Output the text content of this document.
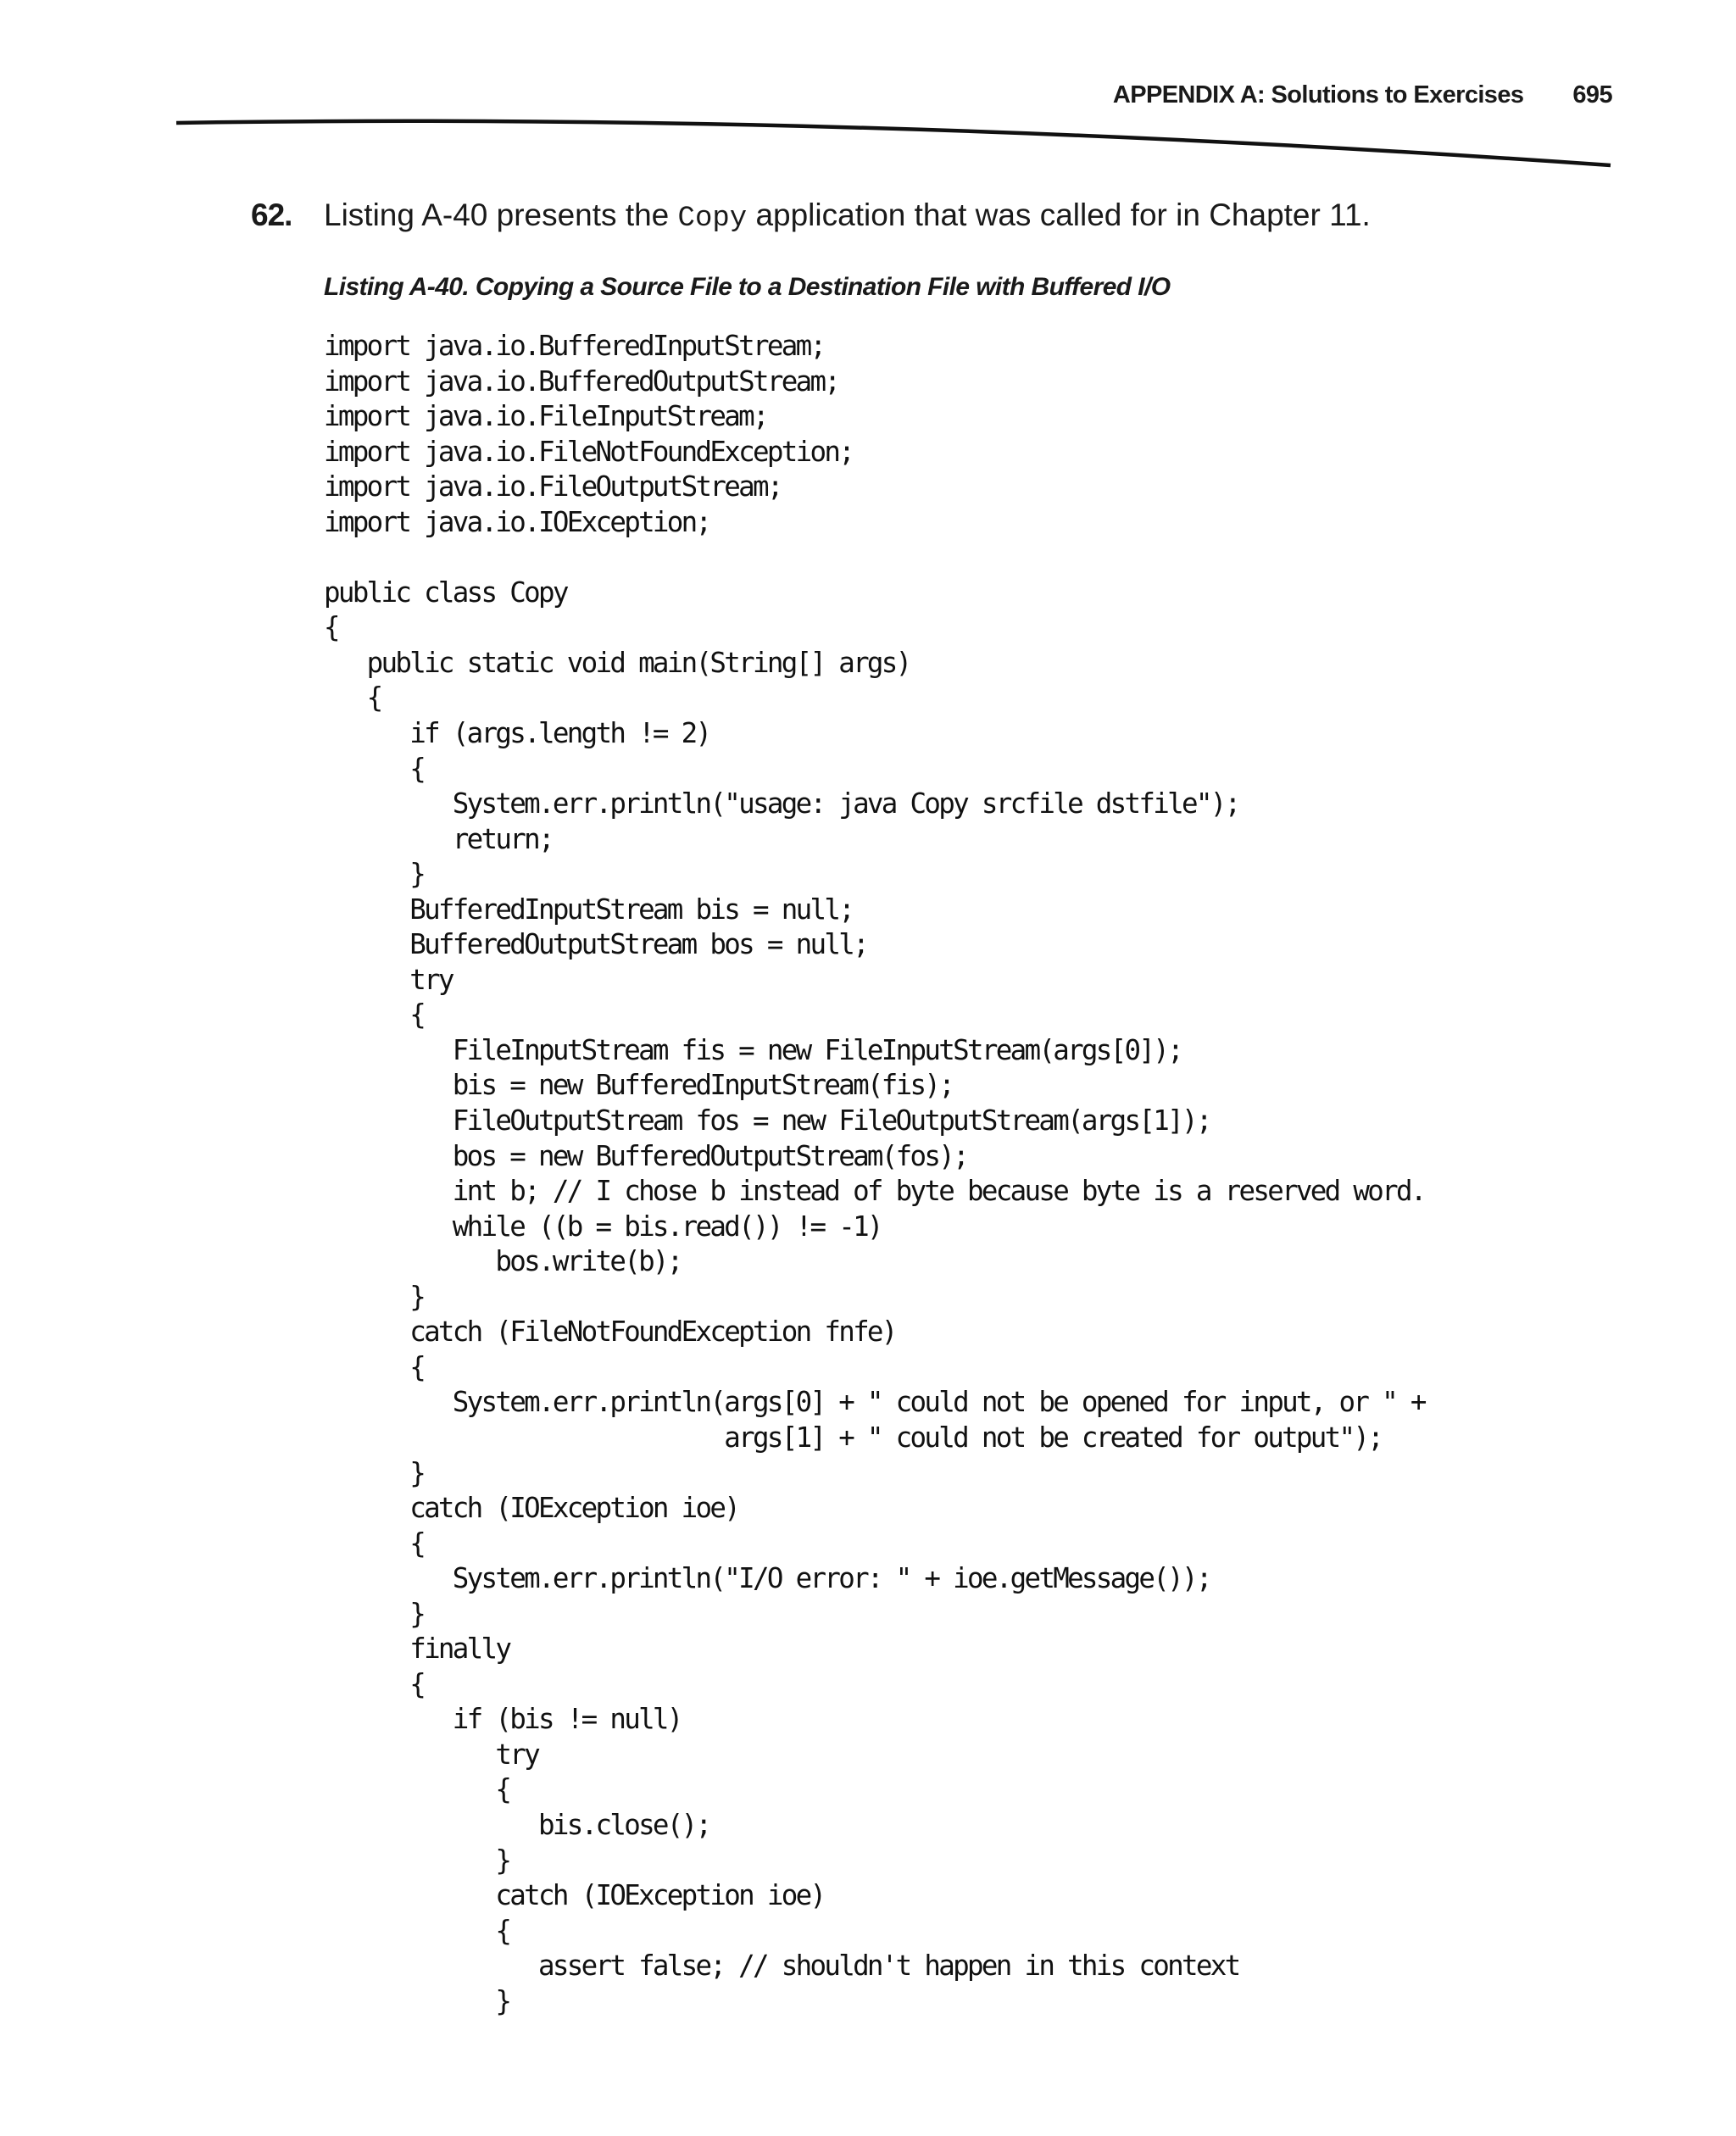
APPENDIX A: Solutions to Exercises 695
62. Listing A-40 presents the Copy application that was called for in Chapter 11.
Listing A-40. Copying a Source File to a Destination File with Buffered I/O
import java.io.BufferedInputStream;
import java.io.BufferedOutputStream;
import java.io.FileInputStream;
import java.io.FileNotFoundException;
import java.io.FileOutputStream;
import java.io.IOException;
public class Copy
{
public static void main(String[] args)
{
if (args.length != 2)
{
System.err.println("usage: java Copy srcfile dstfile");
return;
}
BufferedInputStream bis = null;
BufferedOutputStream bos = null;
try
{
FileInputStream fis = new FileInputStream(args[0]);
bis = new BufferedInputStream(fis);
FileOutputStream fos = new FileOutputStream(args[1]);
bos = new BufferedOutputStream(fos);
int b; // I chose b instead of byte because byte is a reserved word.
while ((b = bis.read()) != -1)
bos.write(b);
}
catch (FileNotFoundException fnfe)
{
System.err.println(args[0] + " could not be opened for input, or " +
args[1] + " could not be created for output");
}
catch (IOException ioe)
{
System.err.println("I/O error: " + ioe.getMessage());
}
finally
{
if (bis != null)
try
{
bis.close();
}
catch (IOException ioe)
{
assert false; // shouldn't happen in this context
}
